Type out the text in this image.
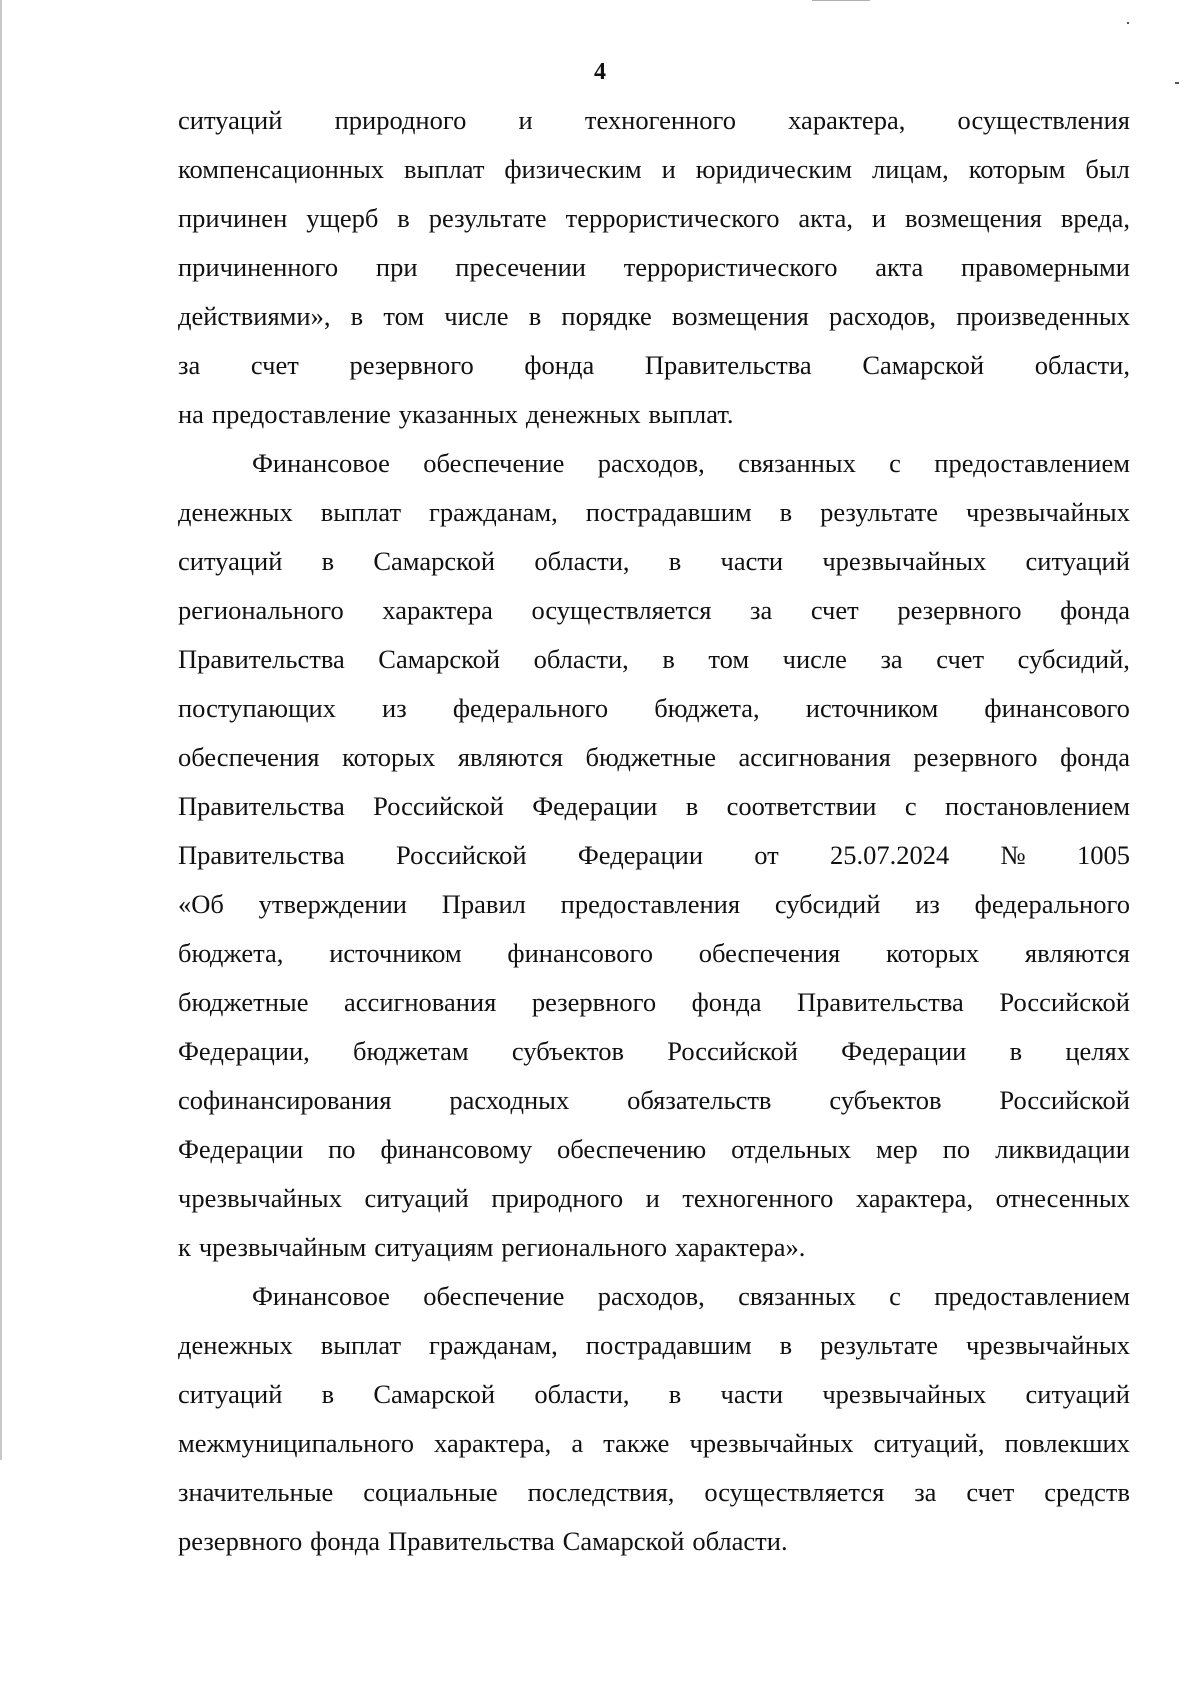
4
ситуаций природного и техногенного характера, осуществления
компенсационных выплат физическим и юридическим лицам, которым был
причинен ущерб в результате террористического акта, и возмещения вреда,
причиненного при пресечении террористического акта правомерными
действиями», в том числе в порядке возмещения расходов, произведенных
за счет резервного фонда Правительства Самарской области,
на предоставление указанных денежных выплат.
Финансовое обеспечение расходов, связанных с предоставлением
денежных выплат гражданам, пострадавшим в результате чрезвычайных
ситуаций в Самарской области, в части чрезвычайных ситуаций
регионального характера осуществляется за счет резервного фонда
Правительства Самарской области, в том числе за счет субсидий,
поступающих из федерального бюджета, источником финансового
обеспечения которых являются бюджетные ассигнования резервного фонда
Правительства Российской Федерации в соответствии с постановлением
Правительства Российской Федерации от 25.07.2024 № 1005
«Об утверждении Правил предоставления субсидий из федерального
бюджета, источником финансового обеспечения которых являются
бюджетные ассигнования резервного фонда Правительства Российской
Федерации, бюджетам субъектов Российской Федерации в целях
софинансирования расходных обязательств субъектов Российской
Федерации по финансовому обеспечению отдельных мер по ликвидации
чрезвычайных ситуаций природного и техногенного характера, отнесенных
к чрезвычайным ситуациям регионального характера».
Финансовое обеспечение расходов, связанных с предоставлением
денежных выплат гражданам, пострадавшим в результате чрезвычайных
ситуаций в Самарской области, в части чрезвычайных ситуаций
межмуниципального характера, а также чрезвычайных ситуаций, повлекших
значительные социальные последствия, осуществляется за счет средств
резервного фонда Правительства Самарской области.
